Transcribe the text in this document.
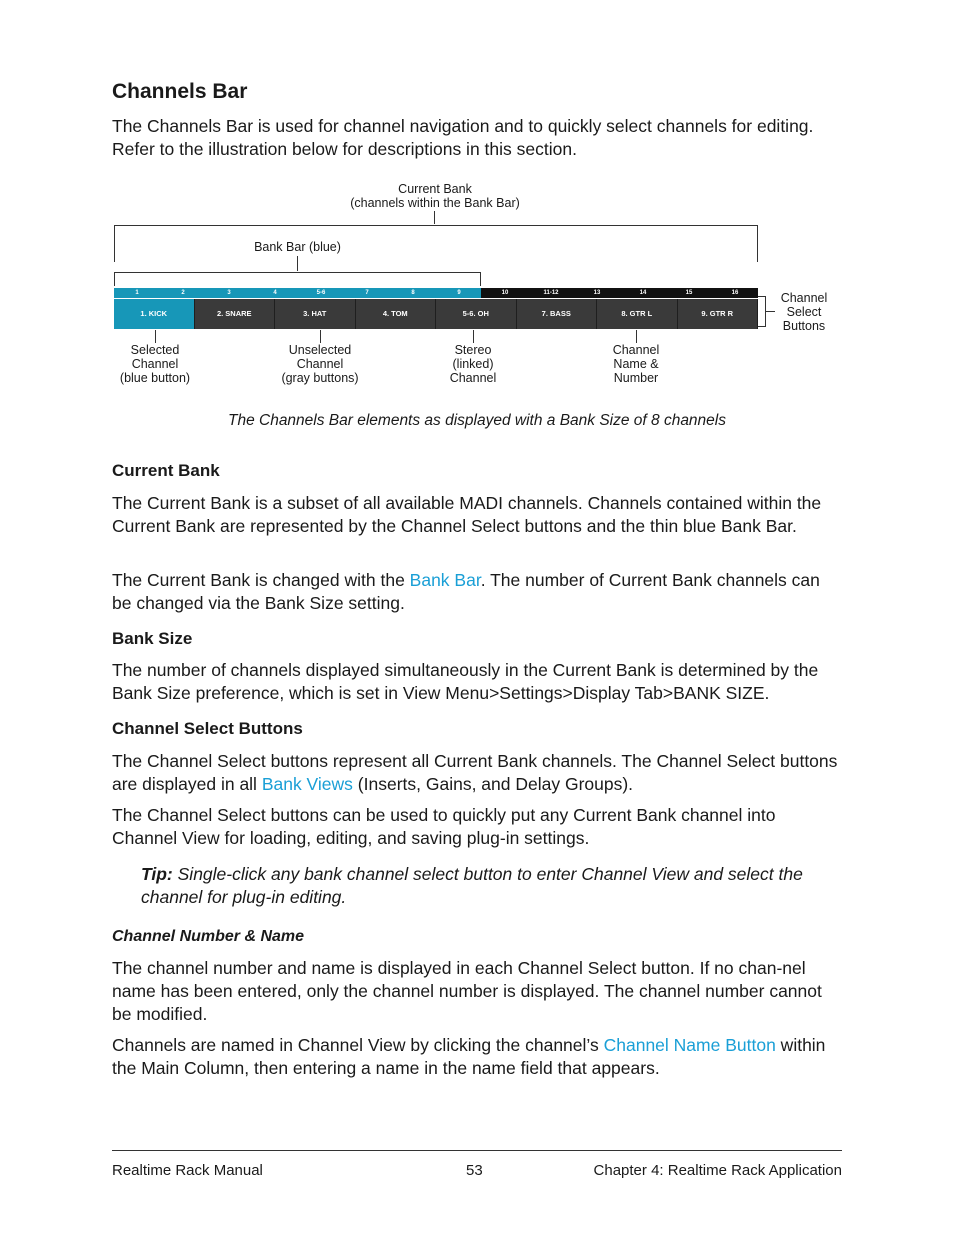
Channels Bar
The Channels Bar is used for channel navigation and to quickly select channels for editing. Refer to the illustration below for descriptions in this section.
Current Bank
(channels within the Bank Bar)
Bank Bar (blue)
1	2	3	4	5-6	7	8	9	10	11-12	13	14	15	16
1. KICK	2. SNARE	3. HAT	4. TOM	5-6. OH	7. BASS	8. GTR L	9. GTR R
Channel
Select
Buttons
Selected
Channel
(blue button)
Unselected
Channel
(gray buttons)
Stereo
(linked)
Channel
Channel
Name &
Number
The Channels Bar elements as displayed with a Bank Size of 8 channels
Current Bank
The Current Bank is a subset of all available MADI channels. Channels contained within the Current Bank are represented by the Channel Select buttons and the thin blue Bank Bar.
The Current Bank is changed with the Bank Bar. The number of Current Bank channels can be changed via the Bank Size setting.
Bank Size
The number of channels displayed simultaneously in the Current Bank is determined by the Bank Size preference, which is set in View Menu>Settings>Display Tab>BANK SIZE.
Channel Select Buttons
The Channel Select buttons represent all Current Bank channels. The Channel Select buttons are displayed in all Bank Views (Inserts, Gains, and Delay Groups).
The Channel Select buttons can be used to quickly put any Current Bank channel into Channel View for loading, editing, and saving plug-in settings.
Tip: Single-click any bank channel select button to enter Channel View and select the channel for plug-in editing.
Channel Number & Name
The channel number and name is displayed in each Channel Select button. If no chan-nel name has been entered, only the channel number is displayed. The channel number cannot be modified.
Channels are named in Channel View by clicking the channel’s Channel Name Button within the Main Column, then entering a name in the name field that appears.
Realtime Rack Manual	53	Chapter 4: Realtime Rack Application
